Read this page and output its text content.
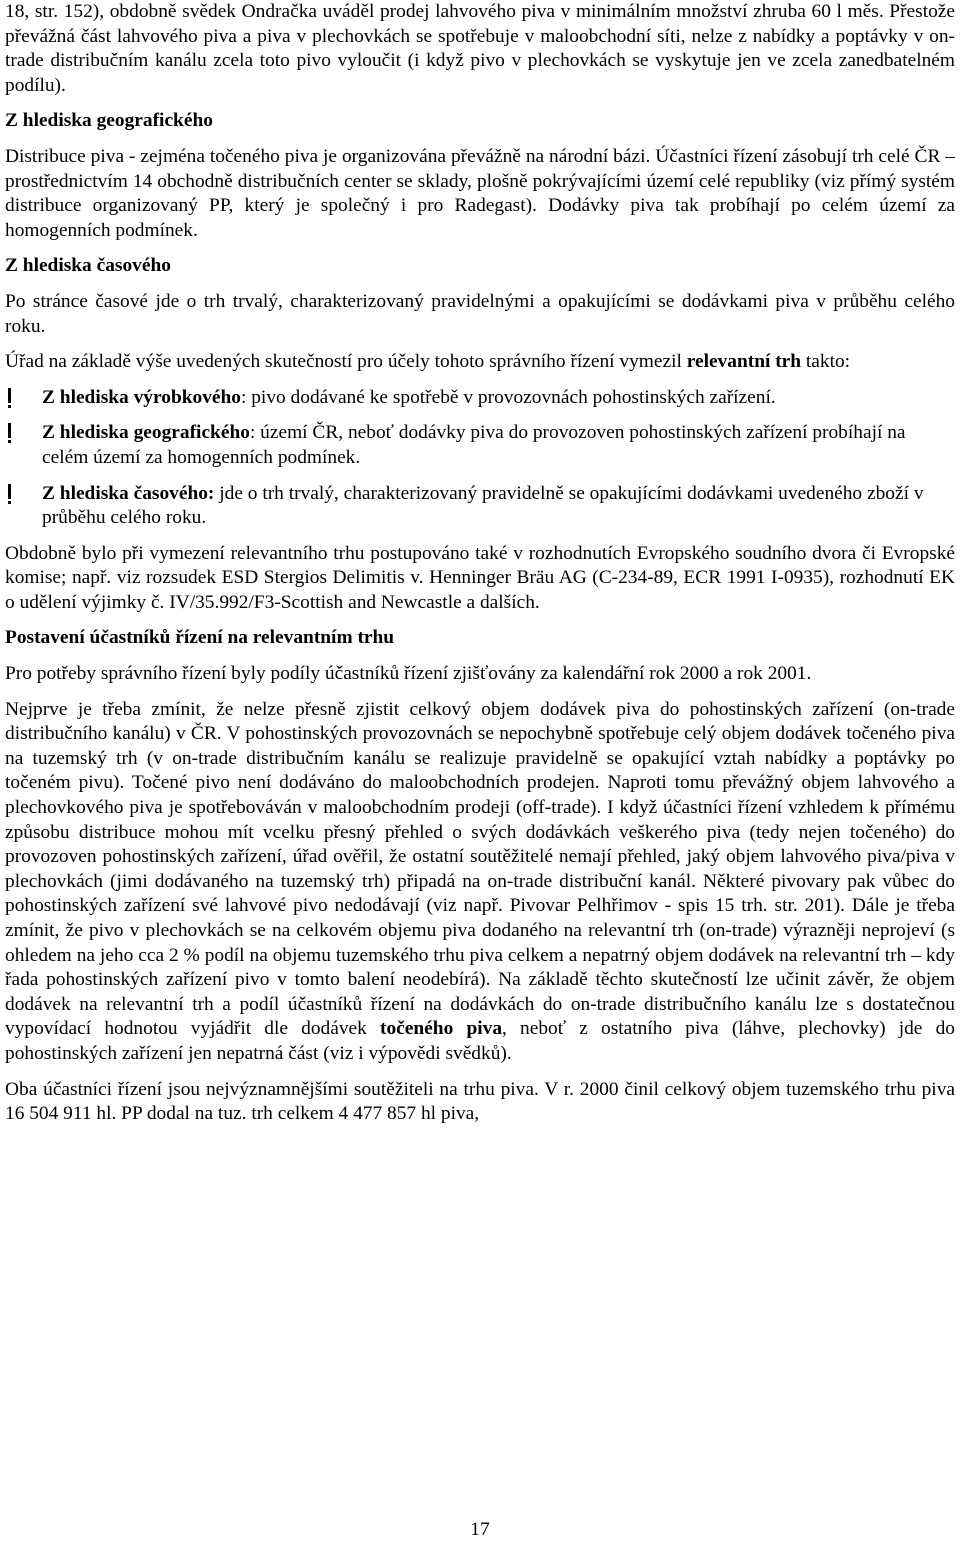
18, str. 152), obdobně svědek Ondračka uváděl prodej lahvového piva v minimálním množství zhruba 60 l měs. Přestože převážná část lahvového piva a piva v plechovkách se spotřebuje v maloobchodní síti, nelze z nabídky a poptávky v on-trade distribučním kanálu zcela toto pivo vyloučit (i když pivo v plechovkách se vyskytuje jen ve zcela zanedbatelném podílu).

Z hlediska geografického

Distribuce piva - zejména točeného piva je organizována převážně na národní bázi. Účastníci řízení zásobují trh celé ČR – prostřednictvím 14 obchodně distribučních center se sklady, plošně pokrývajícími území celé republiky (viz přímý systém distribuce organizovaný PP, který je společný i pro Radegast). Dodávky piva tak probíhají po celém území za homogenních podmínek.

Z hlediska časového

Po stránce časové jde o trh trvalý, charakterizovaný pravidelnými a opakujícími se dodávkami piva v průběhu celého roku.

Úřad na základě výše uvedených skutečností pro účely tohoto správního řízení vymezil relevantní trh takto:

Z hlediska výrobkového: pivo dodávané ke spotřebě v provozovnách pohostinských zařízení.
Z hlediska geografického: území ČR, neboť dodávky piva do provozoven pohostinských zařízení probíhají na celém území za homogenních podmínek.
Z hlediska časového: jde o trh trvalý, charakterizovaný pravidelně se opakujícími dodávkami uvedeného zboží v průběhu celého roku.

Obdobně bylo při vymezení relevantního trhu postupováno také v rozhodnutích Evropského soudního dvora či Evropské komise; např. viz rozsudek ESD Stergios Delimitis v. Henninger Bräu AG (C-234-89, ECR 1991 I-0935), rozhodnutí EK o udělení výjimky č. IV/35.992/F3-Scottish and Newcastle a dalších.

Postavení účastníků řízení na relevantním trhu

Pro potřeby správního řízení byly podíly účastníků řízení zjišťovány za kalendářní rok 2000 a rok 2001.

Nejprve je třeba zmínit, že nelze přesně zjistit celkový objem dodávek piva do pohostinských zařízení (on-trade distribučního kanálu) v ČR. V pohostinských provozovnách se nepochybně spotřebuje celý objem dodávek točeného piva na tuzemský trh (v on-trade distribučním kanálu se realizuje pravidelně se opakující vztah nabídky a poptávky po točeném pivu). Točené pivo není dodáváno do maloobchodních prodejen. Naproti tomu převážný objem lahvového a plechovkového piva je spotřebováván v maloobchodním prodeji (off-trade). I když účastníci řízení vzhledem k přímému způsobu distribuce mohou mít vcelku přesný přehled o svých dodávkách veškerého piva (tedy nejen točeného) do provozoven pohostinských zařízení, úřad ověřil, že ostatní soutěžitelé nemají přehled, jaký objem lahvového piva/piva v plechovkách (jimi dodávaného na tuzemský trh) připadá na on-trade distribuční kanál. Některé pivovary pak vůbec do pohostinských zařízení své lahvové pivo nedodávají (viz např. Pivovar Pelhřimov - spis 15 trh. str. 201). Dále je třeba zmínit, že pivo v plechovkách se na celkovém objemu piva dodaného na relevantní trh (on-trade) výrazněji neprojeví (s ohledem na jeho cca 2 % podíl na objemu tuzemského trhu piva celkem a nepatrný objem dodávek na relevantní trh – kdy řada pohostinských zařízení pivo v tomto balení neodebírá). Na základě těchto skutečností lze učinit závěr, že objem dodávek na relevantní trh a podíl účastníků řízení na dodávkách do on-trade distribučního kanálu lze s dostatečnou vypovídací hodnotou vyjádřit dle dodávek točeného piva, neboť z ostatního piva (láhve, plechovky) jde do pohostinských zařízení jen nepatrná část (viz i výpovědi svědků).

Oba účastníci řízení jsou nejvýznamnějšími soutěžiteli na trhu piva. V r. 2000 činil celkový objem tuzemského trhu piva 16 504 911 hl. PP dodal na tuz. trh celkem 4 477 857 hl piva,

17
